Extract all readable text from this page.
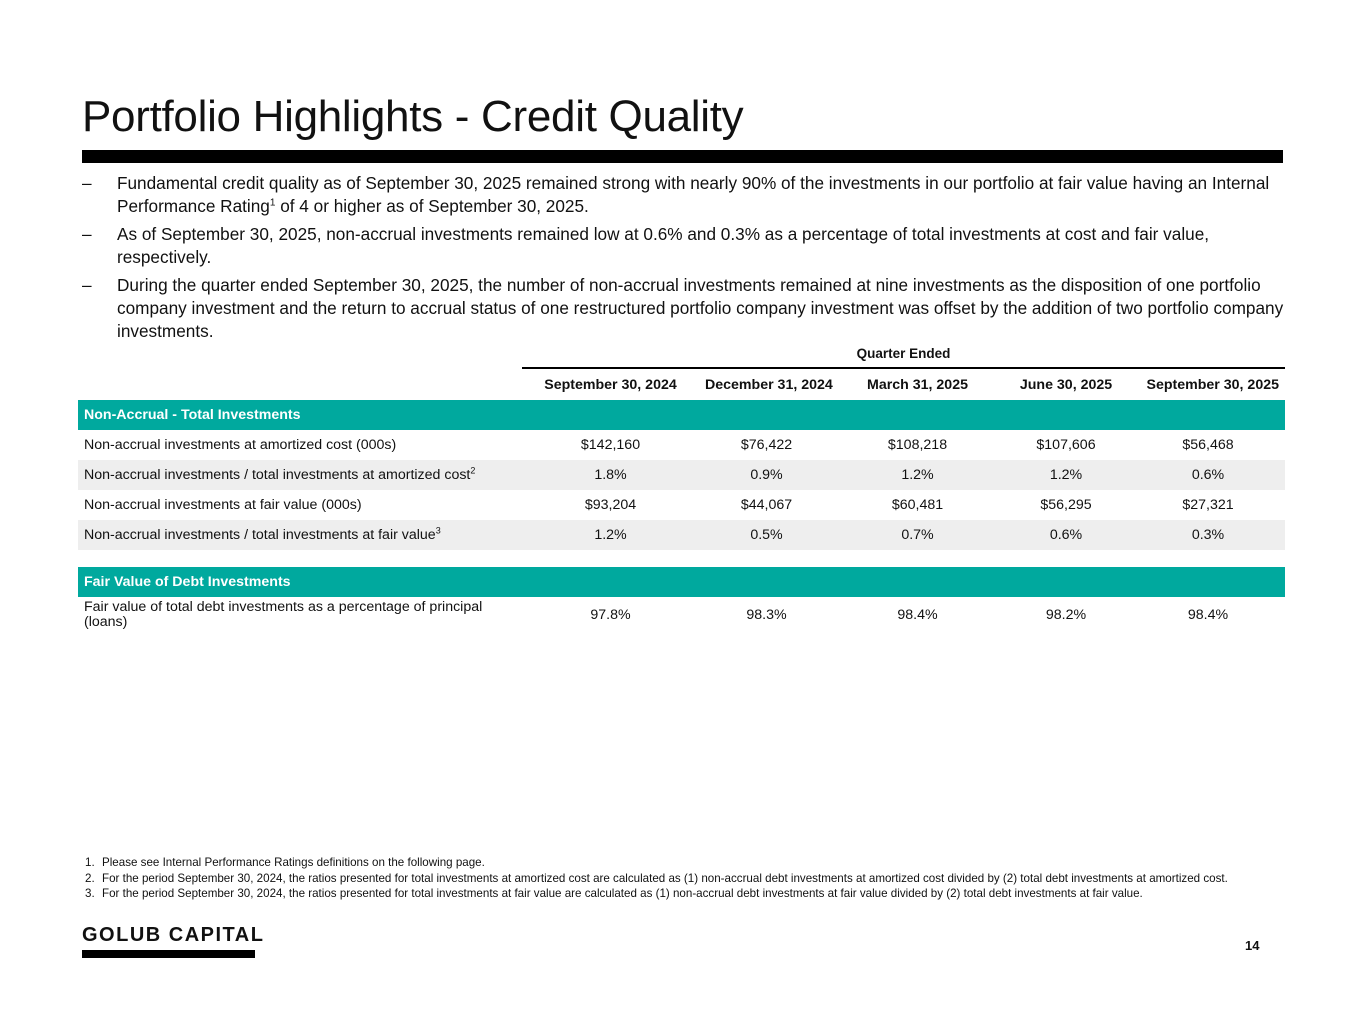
Portfolio Highlights - Credit Quality
– Fundamental credit quality as of September 30, 2025 remained strong with nearly 90% of the investments in our portfolio at fair value having an Internal Performance Rating$^1$ of 4 or higher as of September 30, 2025.
– As of September 30, 2025, non-accrual investments remained low at 0.6% and 0.3% as a percentage of total investments at cost and fair value, respectively.
– During the quarter ended September 30, 2025, the number of non-accrual investments remained at nine investments as the disposition of one portfolio company investment and the return to accrual status of one restructured portfolio company investment was offset by the addition of two portfolio company investments.
Quarter Ended
	September 30, 2024	December 31, 2024	March 31, 2025	June 30, 2025	September 30, 2025
Non-Accrual - Total Investments					
Non-accrual investments at amortized cost (000s)	$142,160	$76,422	$108,218	$107,606	$56,468
Non-accrual investments / total investments at amortized cost$^2$	1.8%	0.9%	1.2%	1.2%	0.6%
Non-accrual investments at fair value (000s)	$93,204	$44,067	$60,481	$56,295	$27,321
Non-accrual investments / total investments at fair value$^3$	1.2%	0.5%	0.7%	0.6%	0.3%

Fair Value of Debt Investments					
Fair value of total debt investments as a percentage of principal (loans)	97.8%	98.3%	98.4%	98.2%	98.4%
1. Please see Internal Performance Ratings definitions on the following page.
2. For the period September 30, 2024, the ratios presented for total investments at amortized cost are calculated as (1) non-accrual debt investments at amortized cost divided by (2) total debt investments at amortized cost.
3. For the period September 30, 2024, the ratios presented for total investments at fair value are calculated as (1) non-accrual debt investments at fair value divided by (2) total debt investments at fair value.
GOLUB CAPITAL	14
